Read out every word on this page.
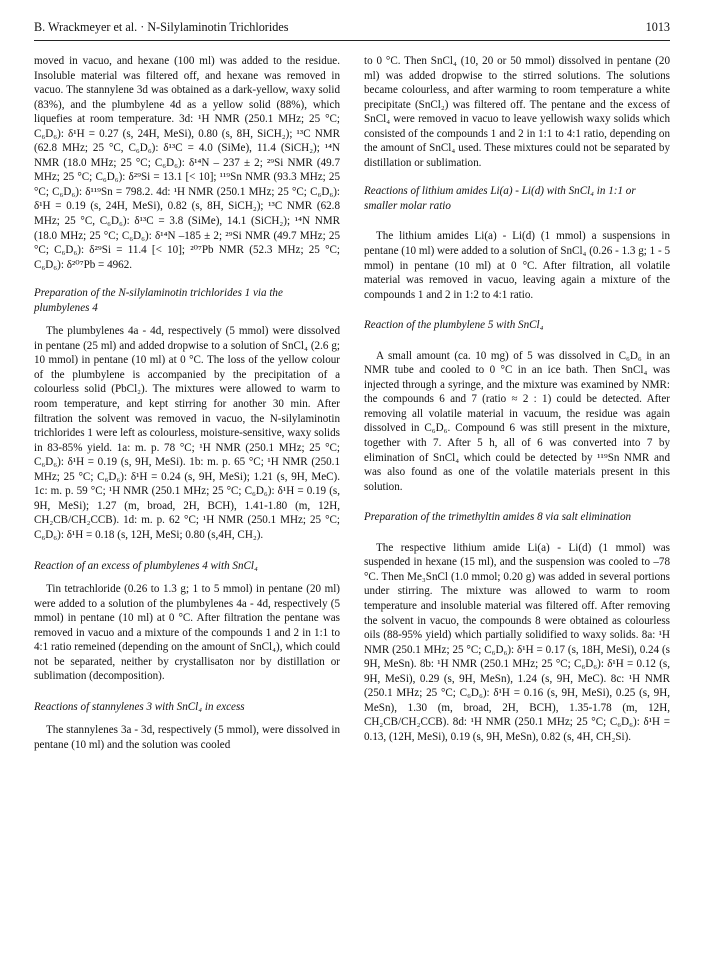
B. Wrackmeyer et al. · N-Silylaminotin Trichlorides	1013

moved in vacuo, and hexane (100 ml) was added to the residue. Insoluble material was filtered off, and hexane was removed in vacuo. The stannylene 3d was obtained as a dark-yellow, waxy solid (83%), and the plumbylene 4d as a yellow solid (88%), which liquefies at room temperature. 3d: ¹H NMR (250.1 MHz; 25 °C; C₆D₆): δ¹H = 0.27 (s, 24H, MeSi), 0.80 (s, 8H, SiCH₂); ¹³C NMR (62.8 MHz; 25 °C, C₆D₆): δ¹³C = 4.0 (SiMe), 11.4 (SiCH₂); ¹⁴N NMR (18.0 MHz; 25 °C; C₆D₆): δ¹⁴N – 237 ± 2; ²⁹Si NMR (49.7 MHz; 25 °C; C₆D₆): δ²⁹Si = 13.1 [< 10]; ¹¹⁹Sn NMR (93.3 MHz; 25 °C; C₆D₆): δ¹¹⁹Sn = 798.2. 4d: ¹H NMR (250.1 MHz; 25 °C; C₆D₆): δ¹H = 0.19 (s, 24H, MeSi), 0.82 (s, 8H, SiCH₂); ¹³C NMR (62.8 MHz; 25 °C, C₆D₆): δ¹³C = 3.8 (SiMe), 14.1 (SiCH₂); ¹⁴N NMR (18.0 MHz; 25 °C; C₆D₆): δ¹⁴N –185 ± 2; ²⁹Si NMR (49.7 MHz; 25 °C; C₆D₆): δ²⁹Si = 11.4 [< 10]; ²⁰⁷Pb NMR (52.3 MHz; 25 °C; C₆D₆): δ²⁰⁷Pb = 4962.

Preparation of the N-silylaminotin trichlorides 1 via the plumbylenes 4

The plumbylenes 4a - 4d, respectively (5 mmol) were dissolved in pentane (25 ml) and added dropwise to a solution of SnCl₄ (2.6 g; 10 mmol) in pentane (10 ml) at 0 °C. The loss of the yellow colour of the plumbylene is accompanied by the precipitation of a colourless solid (PbCl₂). The mixtures were allowed to warm to room temperature, and kept stirring for another 30 min. After filtration the solvent was removed in vacuo, the N-silylaminotin trichlorides 1 were left as colourless, moisture-sensitive, waxy solids in 83-85% yield. 1a: m. p. 78 °C; ¹H NMR (250.1 MHz; 25 °C; C₆D₆): δ¹H = 0.19 (s, 9H, MeSi). 1b: m. p. 65 °C; ¹H NMR (250.1 MHz; 25 °C; C₆D₆): δ¹H = 0.24 (s, 9H, MeSi); 1.21 (s, 9H, MeC). 1c: m. p. 59 °C; ¹H NMR (250.1 MHz; 25 °C; C₆D₆): δ¹H = 0.19 (s, 9H, MeSi); 1.27 (m, broad, 2H, BCH), 1.41-1.80 (m, 12H, CH₂CB/CH₂CCB). 1d: m. p. 62 °C; ¹H NMR (250.1 MHz; 25 °C; C₆D₆): δ¹H = 0.18 (s, 12H, MeSi; 0.80 (s,4H, CH₂).

Reaction of an excess of plumbylenes 4 with SnCl₄

Tin tetrachloride (0.26 to 1.3 g; 1 to 5 mmol) in pentane (20 ml) were added to a solution of the plumbylenes 4a - 4d, respectively (5 mmol) in pentane (10 ml) at 0 °C. After filtration the pentane was removed in vacuo and a mixture of the compounds 1 and 2 in 1:1 to 4:1 ratio remeined (depending on the amount of SnCl₄), which could not be separated, neither by crystallisaton nor by distillation or sublimation (decomposition).

Reactions of stannylenes 3 with SnCl₄ in excess

The stannylenes 3a - 3d, respectively (5 mmol), were dissolved in pentane (10 ml) and the solution was cooled

to 0 °C. Then SnCl₄ (10, 20 or 50 mmol) dissolved in pentane (20 ml) was added dropwise to the stirred solutions. The solutions became colourless, and after warming to room temperature a white precipitate (SnCl₂) was filtered off. The pentane and the excess of SnCl₄ were removed in vacuo to leave yellowish waxy solids which consisted of the compounds 1 and 2 in 1:1 to 4:1 ratio, depending on the amount of SnCl₄ used. These mixtures could not be separated by distillation or sublimation.

Reactions of lithium amides Li(a) - Li(d) with SnCl₄ in 1:1 or smaller molar ratio

The lithium amides Li(a) - Li(d) (1 mmol) a suspensions in pentane (10 ml) were added to a solution of SnCl₄ (0.26 - 1.3 g; 1 - 5 mmol) in pentane (10 ml) at 0 °C. After filtration, all volatile material was removed in vacuo, leaving again a mixture of the compounds 1 and 2 in 1:2 to 4:1 ratio.

Reaction of the plumbylene 5 with SnCl₄

A small amount (ca. 10 mg) of 5 was dissolved in C₆D₆ in an NMR tube and cooled to 0 °C in an ice bath. Then SnCl₄ was injected through a syringe, and the mixture was examined by NMR: the compounds 6 and 7 (ratio ≈ 2 : 1) could be detected. After removing all volatile material in vacuum, the residue was again dissolved in C₆D₆. Compound 6 was still present in the mixture, together with 7. After 5 h, all of 6 was converted into 7 by elimination of SnCl₄ which could be detected by ¹¹⁹Sn NMR and was also found as one of the volatile materials present in this solution.

Preparation of the trimethyltin amides 8 via salt elimination

The respective lithium amide Li(a) - Li(d) (1 mmol) was suspended in hexane (15 ml), and the suspension was cooled to –78 °C. Then Me₃SnCl (1.0 mmol; 0.20 g) was added in several portions under stirring. The mixture was allowed to warm to room temperature and insoluble material was filtered off. After removing the solvent in vacuo, the compounds 8 were obtained as colourless oils (88-95% yield) which partially solidified to waxy solids. 8a: ¹H NMR (250.1 MHz; 25 °C; C₆D₆): δ¹H = 0.17 (s, 18H, MeSi), 0.24 (s 9H, MeSn). 8b: ¹H NMR (250.1 MHz; 25 °C; C₆D₆): δ¹H = 0.12 (s, 9H, MeSi), 0.29 (s, 9H, MeSn), 1.24 (s, 9H, MeC). 8c: ¹H NMR (250.1 MHz; 25 °C; C₆D₆): δ¹H = 0.16 (s, 9H, MeSi), 0.25 (s, 9H, MeSn), 1.30 (m, broad, 2H, BCH), 1.35-1.78 (m, 12H, CH₂CB/CH₂CCB). 8d: ¹H NMR (250.1 MHz; 25 °C; C₆D₆): δ¹H = 0.13, (12H, MeSi), 0.19 (s, 9H, MeSn), 0.82 (s, 4H, CH₂Si).
